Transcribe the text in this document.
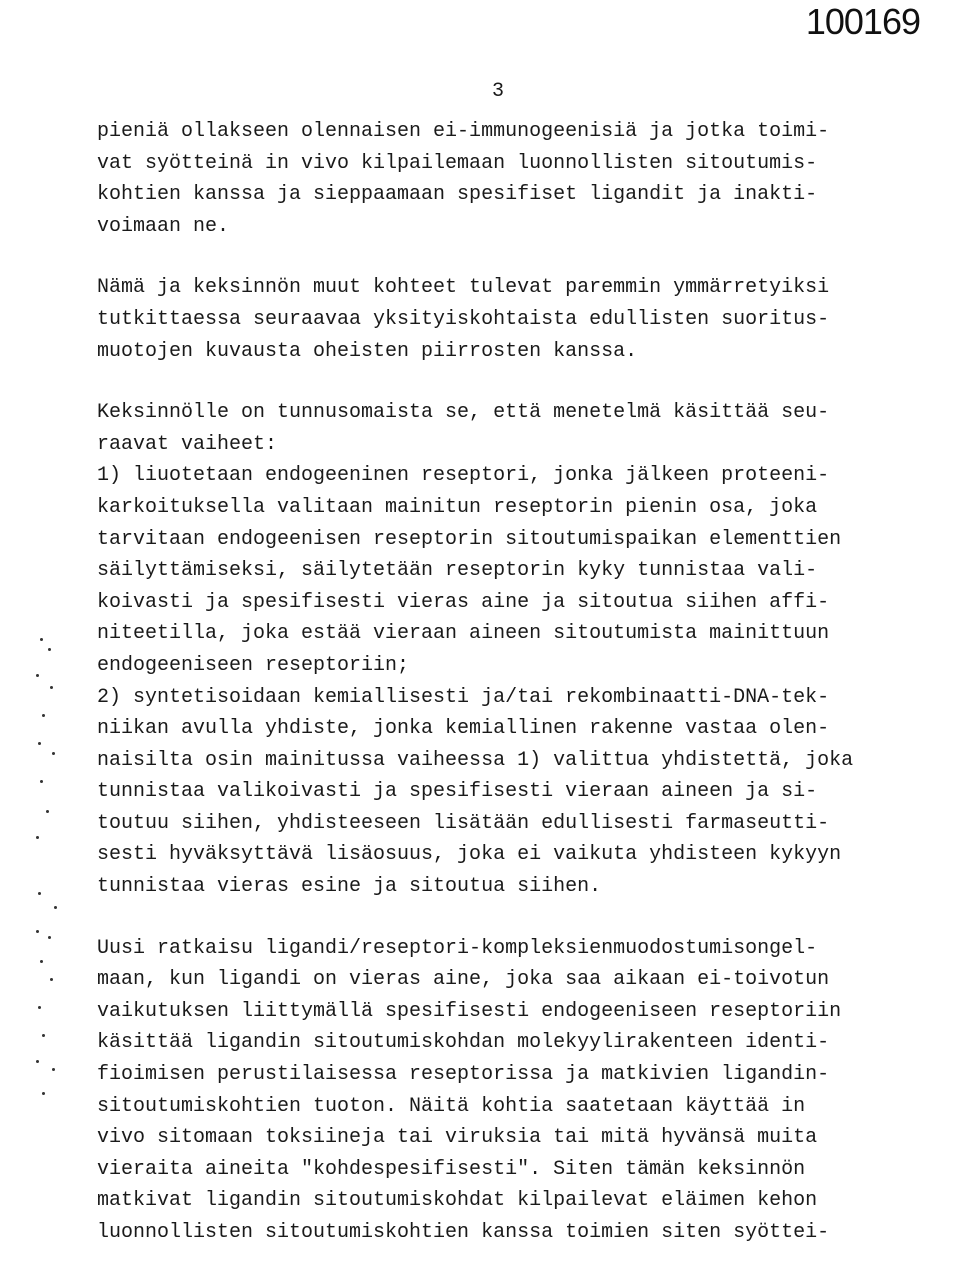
100169
3
pieniä ollakseen olennaisen ei-immunogeenisiä ja jotka toimi-
vat syötteinä in vivo kilpailemaan luonnollisten sitoutumis-
kohtien kanssa ja sieppaamaan spesifiset ligandit ja inakti-
voimaan ne.
Nämä ja keksinnön muut kohteet tulevat paremmin ymmärretyiksi
tutkittaessa seuraavaa yksityiskohtaista edullisten suoritus-
muotojen kuvausta oheisten piirrosten kanssa.
Keksinnölle on tunnusomaista se, että menetelmä käsittää seu-
raavat vaiheet:
1) liuotetaan endogeeninen reseptori, jonka jälkeen proteeni-
karkoituksella valitaan mainitun reseptorin pienin osa, joka
tarvitaan endogeenisen reseptorin sitoutumispaikan elementtien
säilyttämiseksi, säilytetään reseptorin kyky tunnistaa vali-
koivasti ja spesifisesti vieras aine ja sitoutua siihen affi-
niteetilla, joka estää vieraan aineen sitoutumista mainittuun
endogeeniseen reseptoriin;
2) syntetisoidaan kemiallisesti ja/tai rekombinaatti-DNA-tek-
niikan avulla yhdiste, jonka kemiallinen rakenne vastaa olen-
naisilta osin mainitussa vaiheessa 1) valittua yhdistettä, joka
tunnistaa valikoivasti ja spesifisesti vieraan aineen ja si-
toutuu siihen, yhdisteeseen lisätään edullisesti farmaseutti-
sesti hyväksyttävä lisäosuus, joka ei vaikuta yhdisteen kykyyn
tunnistaa vieras esine ja sitoutua siihen.
Uusi ratkaisu ligandi/reseptori-kompleksienmuodostumisongel-
maan, kun ligandi on vieras aine, joka saa aikaan ei-toivotun
vaikutuksen liittymällä spesifisesti endogeeniseen reseptoriin
käsittää ligandin sitoutumiskohdan molekyylirakenteen identi-
fioimisen perustilaisessa reseptorissa ja matkivien ligandin-
sitoutumiskohtien tuoton. Näitä kohtia saatetaan käyttää in
vivo sitomaan toksiineja tai viruksia tai mitä hyvänsä muita
vieraita aineita "kohdespesifisesti". Siten tämän keksinnön
matkivat ligandin sitoutumiskohdat kilpailevat eläimen kehon
luonnollisten sitoutumiskohtien kanssa toimien siten syöttei-
